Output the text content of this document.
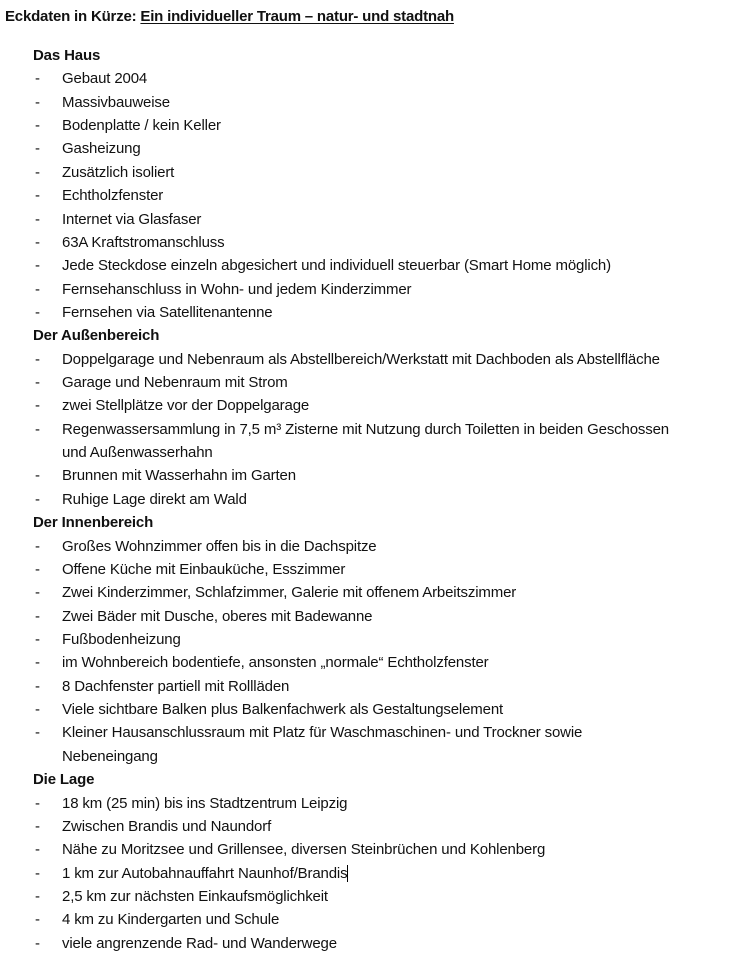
Eckdaten in Kürze: Ein individueller Traum – natur- und stadtnah
Das Haus
- Gebaut 2004
- Massivbauweise
- Bodenplatte / kein Keller
- Gasheizung
- Zusätzlich isoliert
- Echtholzfenster
- Internet via Glasfaser
- 63A Kraftstromanschluss
- Jede Steckdose einzeln abgesichert und individuell steuerbar (Smart Home möglich)
- Fernsehanschluss in Wohn- und jedem Kinderzimmer
- Fernsehen via Satellitenantenne
Der Außenbereich
- Doppelgarage und Nebenraum als Abstellbereich/Werkstatt mit Dachboden als Abstellfläche
- Garage und Nebenraum mit Strom
- zwei Stellplätze vor der Doppelgarage
- Regenwassersammlung in 7,5 m³ Zisterne mit Nutzung durch Toiletten in beiden Geschossen
und Außenwasserhahn
- Brunnen mit Wasserhahn im Garten
- Ruhige Lage direkt am Wald
Der Innenbereich
- Großes Wohnzimmer offen bis in die Dachspitze
- Offene Küche mit Einbauküche, Esszimmer
- Zwei Kinderzimmer, Schlafzimmer, Galerie mit offenem Arbeitszimmer
- Zwei Bäder mit Dusche, oberes mit Badewanne
- Fußbodenheizung
- im Wohnbereich bodentiefe, ansonsten „normale“ Echtholzfenster
- 8 Dachfenster partiell mit Rollläden
- Viele sichtbare Balken plus Balkenfachwerk als Gestaltungselement
- Kleiner Hausanschlussraum mit Platz für Waschmaschinen- und Trockner sowie
Nebeneingang
Die Lage
- 18 km (25 min) bis ins Stadtzentrum Leipzig
- Zwischen Brandis und Naundorf
- Nähe zu Moritzsee und Grillensee, diversen Steinbrüchen und Kohlenberg
- 1 km zur Autobahnauffahrt Naunhof/Brandis
- 2,5 km zur nächsten Einkaufsmöglichkeit
- 4 km zu Kindergarten und Schule
- viele angrenzende Rad- und Wanderwege
